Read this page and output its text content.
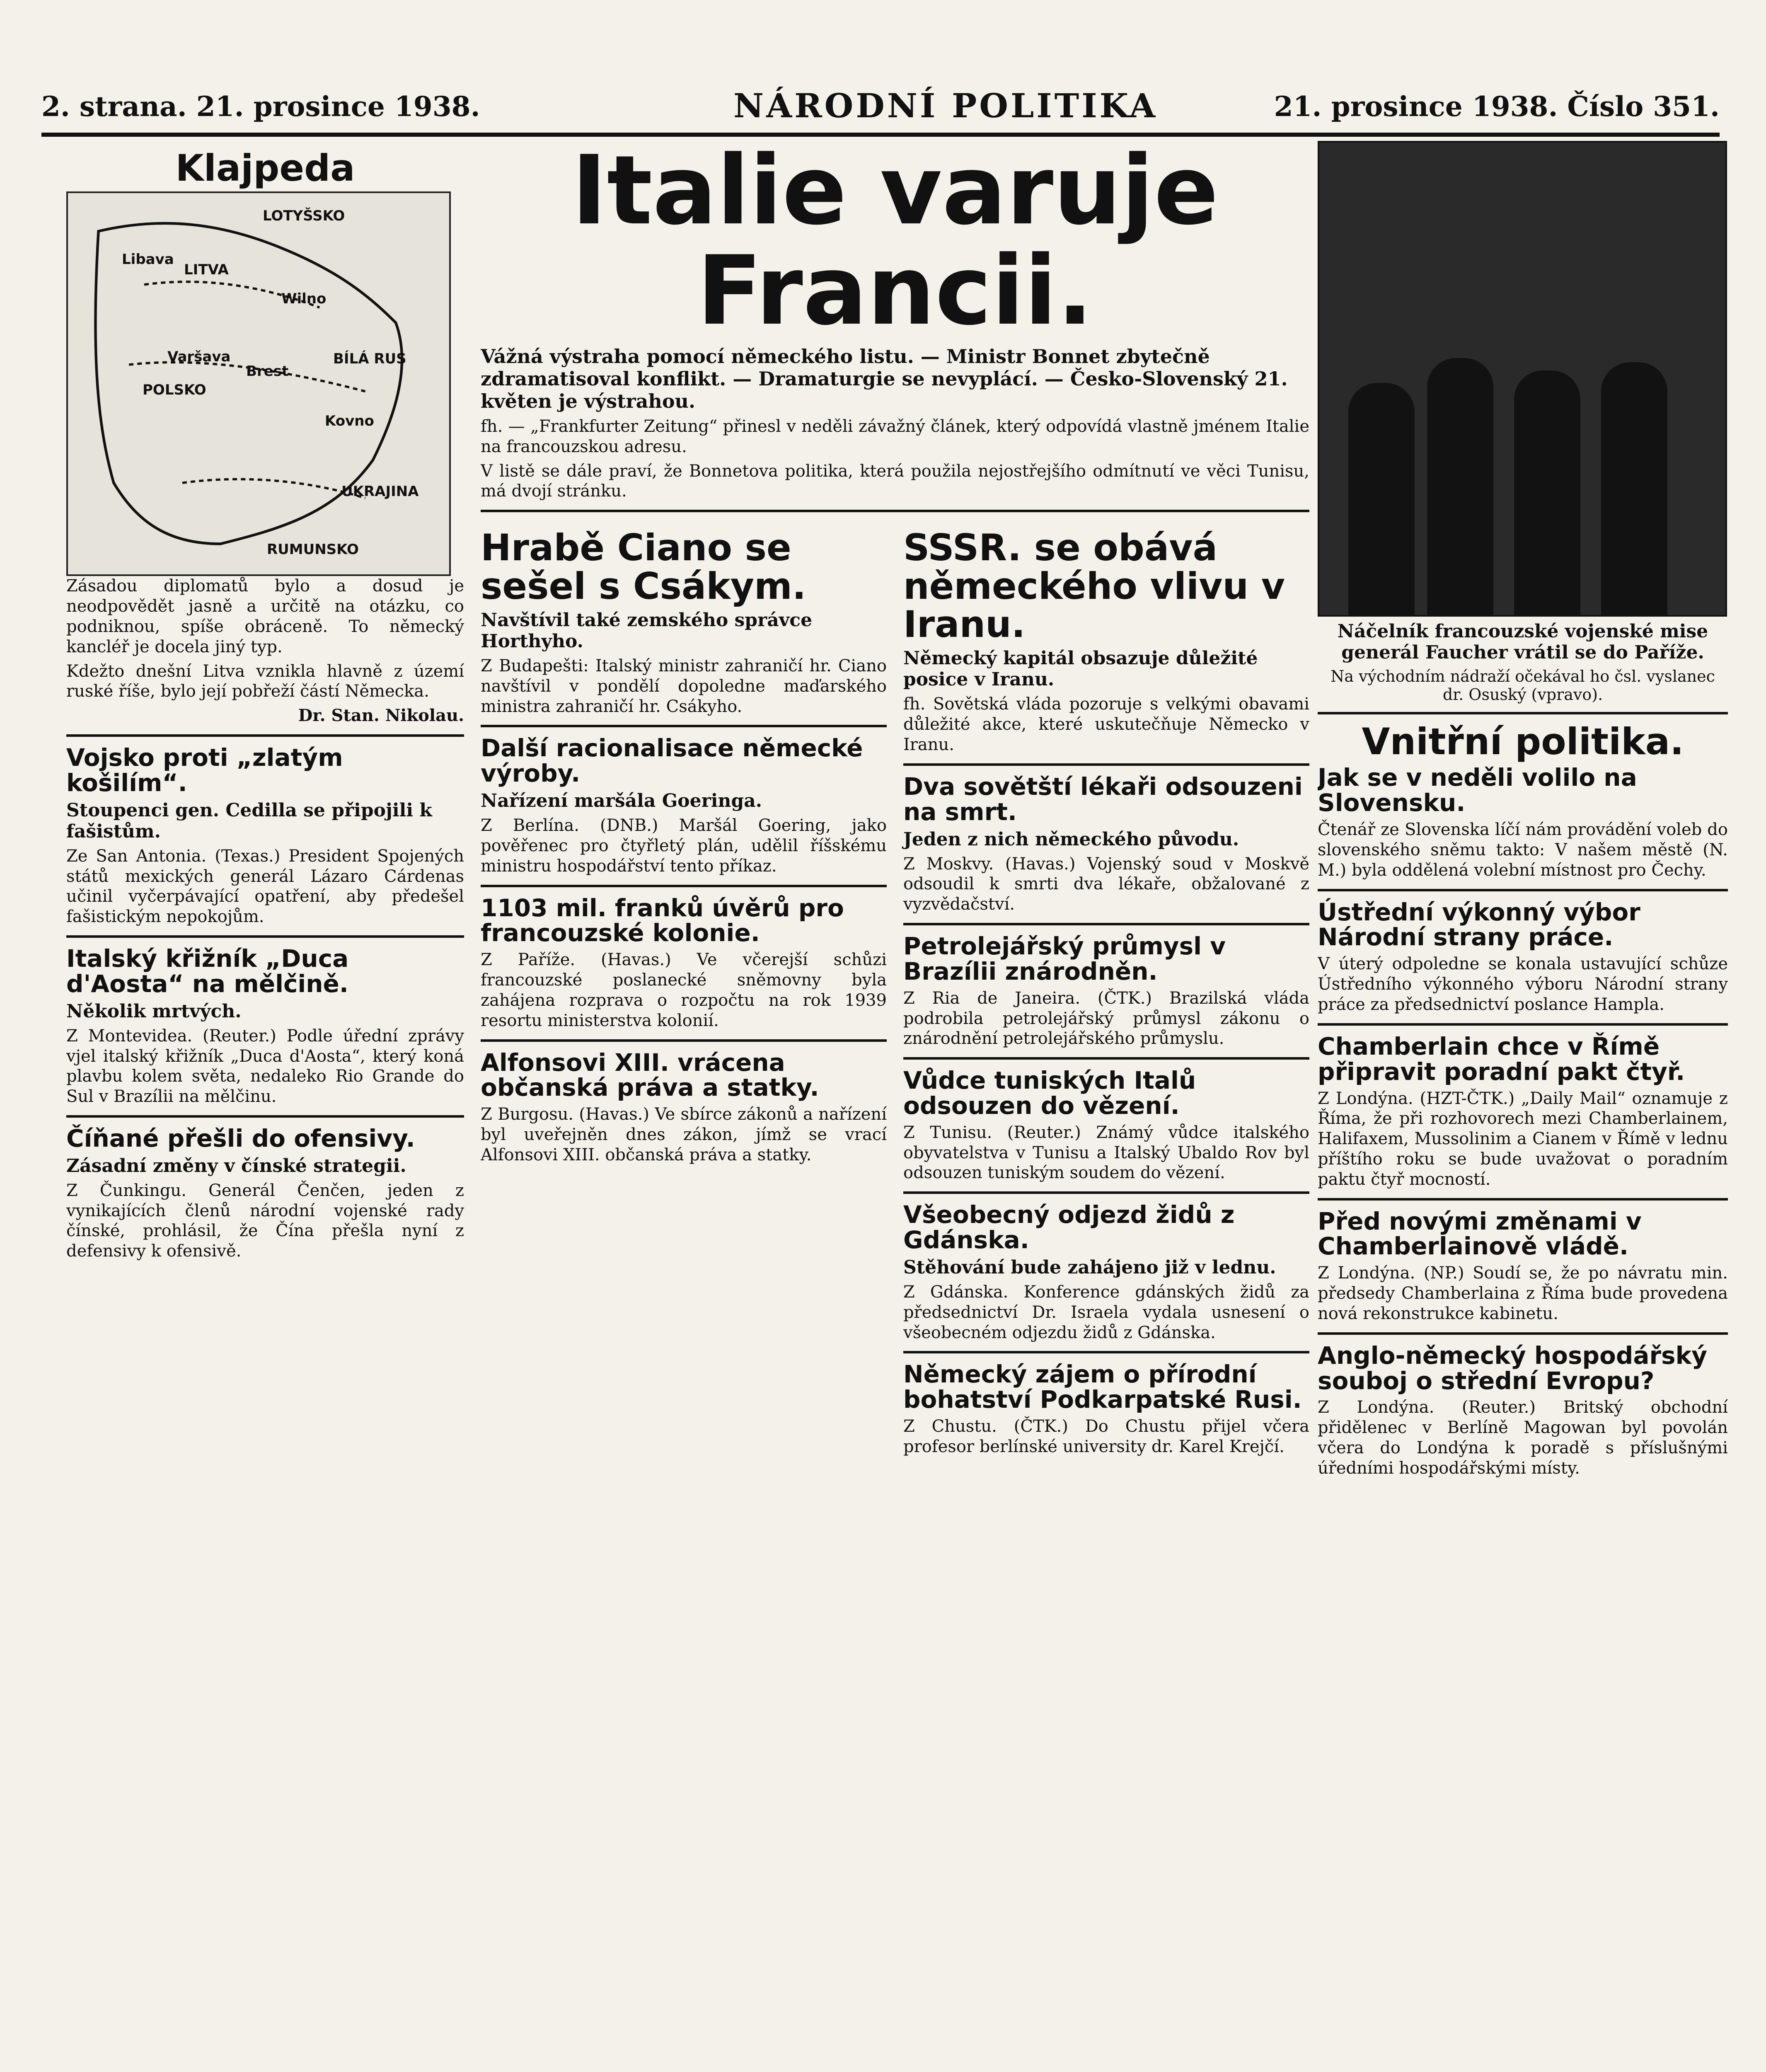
2. strana. 21. prosince 1938.	NÁRODNÍ POLITIKA	21. prosince 1938. Číslo 351.
Klajpeda
LOTYŠSKO
LITVA
POLSKO
BÍLÁ RUS
UKRAJINA
RUMUNSKO
Varšava
Kovno
Brest
Libava
Wilno

Zásadou diplomatů bylo a dosud je neodpovědět jasně a určitě na otázku, co podniknou, spíše obráceně. To německý kancléř je docela jiný typ.

Kdežto dnešní Litva vznikla hlavně z území ruské říše, bylo její pobřeží částí Německa.

Dr. Stan. Nikolau.

Vojsko proti „zlatým košilím“.
Stoupenci gen. Cedilla se připojili k fašistům.

Ze San Antonia. (Texas.) President Spojených států mexických generál Lázaro Cárdenas učinil vyčerpávající opatření, aby předešel fašistickým nepokojům.

Italský křižník „Duca d'Aosta“ na mělčině.
Několik mrtvých.

Z Montevidea. (Reuter.) Podle úřední zprávy vjel italský křižník „Duca d'Aosta“, který koná plavbu kolem světa, nedaleko Rio Grande do Sul v Brazílii na mělčinu.

Číňané přešli do ofensivy.
Zásadní změny v čínské strategii.

Z Čunkingu. Generál Čenčen, jeden z vynikajících členů národní vojenské rady čínské, prohlásil, že Čína přešla nyní z defensivy k ofensivě.

Italie varuje Francii.
Vážná výstraha pomocí německého listu. — Ministr Bonnet zbytečně zdramatisoval konflikt. — Dramaturgie se nevyplácí. — Česko-Slovenský 21. květen je výstrahou.

fh. — „Frankfurter Zeitung“ přinesl v neděli závažný článek, který odpovídá vlastně jménem Italie na francouzskou adresu.

V listě se dále praví, že Bonnetova politika, která použila nejostřejšího odmítnutí ve věci Tunisu, má dvojí stránku.

Hrabě Ciano se sešel s Csákym.
Navštívil také zemského správce Horthyho.

Z Budapešti: Italský ministr zahraničí hr. Ciano navštívil v pondělí dopoledne maďarského ministra zahraničí hr. Csákyho.

Další racionalisace německé výroby.
Nařízení maršála Goeringa.

Z Berlína. (DNB.) Maršál Goering, jako pověřenec pro čtyřletý plán, udělil říšskému ministru hospodářství tento příkaz.

1103 mil. franků úvěrů pro francouzské kolonie.

Z Paříže. (Havas.) Ve včerejší schůzi francouzské poslanecké sněmovny byla zahájena rozprava o rozpočtu na rok 1939 resortu ministerstva kolonií.

Alfonsovi XIII. vrácena občanská práva a statky.

Z Burgosu. (Havas.) Ve sbírce zákonů a nařízení byl uveřejněn dnes zákon, jímž se vrací Alfonsovi XIII. občanská práva a statky.

SSSR. se obává německého vlivu v Iranu.
Německý kapitál obsazuje důležité posice v Iranu.

fh. Sovětská vláda pozoruje s velkými obavami důležité akce, které uskutečňuje Německo v Iranu.

Dva sovětští lékaři odsouzeni na smrt.
Jeden z nich německého původu.

Z Moskvy. (Havas.) Vojenský soud v Moskvě odsoudil k smrti dva lékaře, obžalované z vyzvědačství.

Petrolejářský průmysl v Brazílii znárodněn.

Z Ria de Janeira. (ČTK.) Brazilská vláda podrobila petrolejářský průmysl zákonu o znárodnění petrolejářského průmyslu.

Vůdce tuniských Italů odsouzen do vězení.

Z Tunisu. (Reuter.) Známý vůdce italského obyvatelstva v Tunisu a Italský Ubaldo Rov byl odsouzen tuniským soudem do vězení.

Všeobecný odjezd židů z Gdánska.
Stěhování bude zahájeno již v lednu.

Z Gdánska. Konference gdánských židů za předsednictví Dr. Israela vydala usnesení o všeobecném odjezdu židů z Gdánska.

Německý zájem o přírodní bohatství Podkarpatské Rusi.

Z Chustu. (ČTK.) Do Chustu přijel včera profesor berlínské university dr. Karel Krejčí.

Náčelník francouzské vojenské mise generál Faucher vrátil se do Paříže.
Na východním nádraží očekával ho čsl. vyslanec dr. Osuský (vpravo).
Vnitřní politika.
Jak se v neděli volilo na Slovensku.

Čtenář ze Slovenska líčí nám provádění voleb do slovenského sněmu takto: V našem městě (N. M.) byla oddělená volební místnost pro Čechy.

Ústřední výkonný výbor Národní strany práce.

V úterý odpoledne se konala ustavující schůze Ústředního výkonného výboru Národní strany práce za předsednictví poslance Hampla.

Chamberlain chce v Římě připravit poradní pakt čtyř.

Z Londýna. (HZT-ČTK.) „Daily Mail“ oznamuje z Říma, že při rozhovorech mezi Chamberlainem, Halifaxem, Mussolinim a Cianem v Římě v lednu příštího roku se bude uvažovat o poradním paktu čtyř mocností.

Před novými změnami v Chamberlainově vládě.

Z Londýna. (NP.) Soudí se, že po návratu min. předsedy Chamberlaina z Říma bude provedena nová rekonstrukce kabinetu.

Anglo-německý hospodářský souboj o střední Evropu?

Z Londýna. (Reuter.) Britský obchodní přidělenec v Berlíně Magowan byl povolán včera do Londýna k poradě s příslušnými úředními hospodářskými místy.
